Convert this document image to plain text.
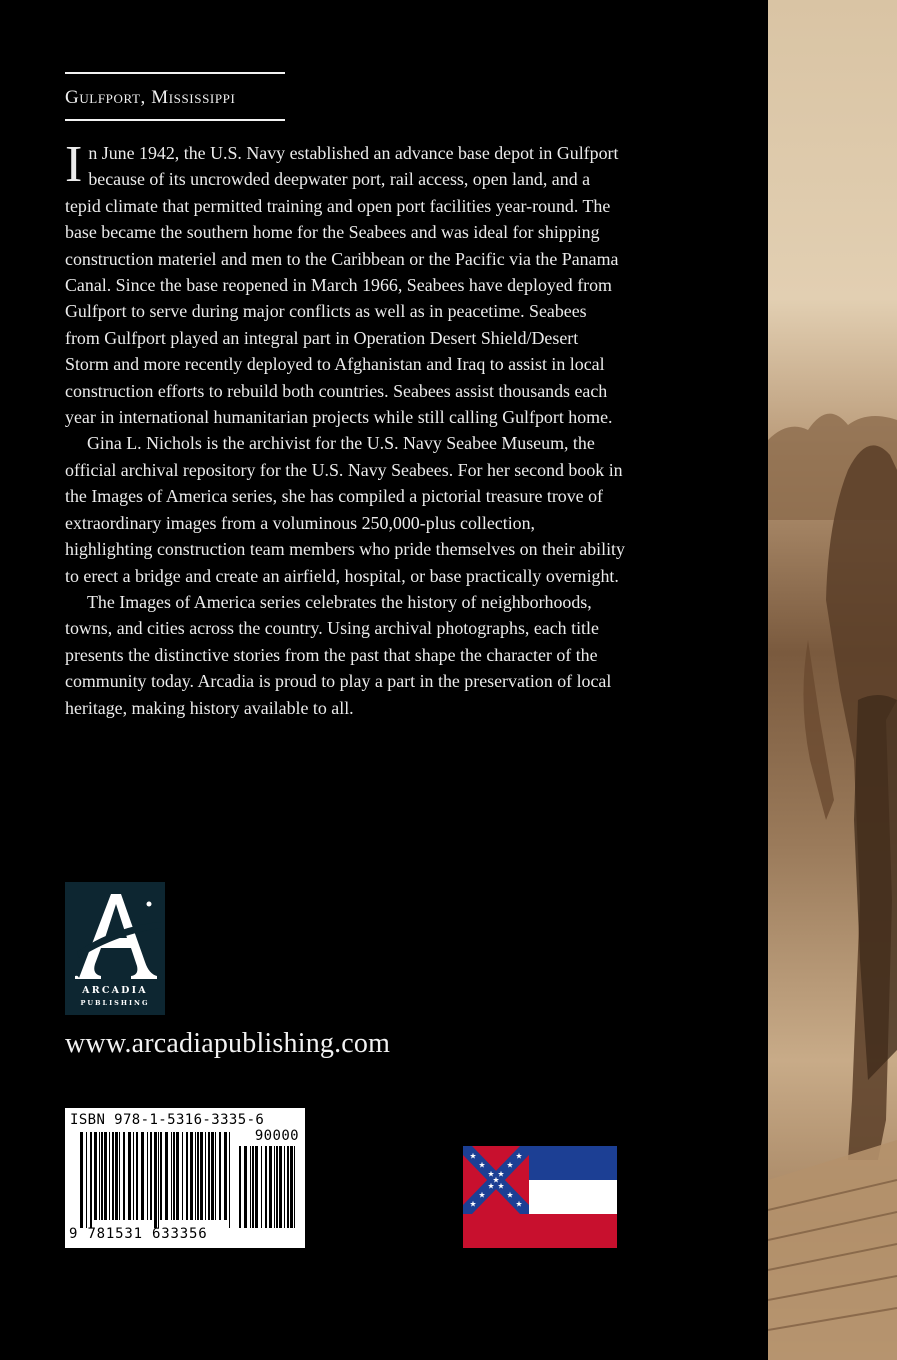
Gulfport, Mississippi

In June 1942, the U.S. Navy established an advance base depot in Gulfport because of its uncrowded deepwater port, rail access, open land, and a tepid climate that permitted training and open port facilities year-round. The base became the southern home for the Seabees and was ideal for shipping construction materiel and men to the Caribbean or the Pacific via the Panama Canal. Since the base reopened in March 1966, Seabees have deployed from Gulfport to serve during major conflicts as well as in peacetime. Seabees from Gulfport played an integral part in Operation Desert Shield/Desert Storm and more recently deployed to Afghanistan and Iraq to assist in local construction efforts to rebuild both countries. Seabees assist thousands each year in international humanitarian projects while still calling Gulfport home.

Gina L. Nichols is the archivist for the U.S. Navy Seabee Museum, the official archival repository for the U.S. Navy Seabees. For her second book in the Images of America series, she has compiled a pictorial treasure trove of extraordinary images from a voluminous 250,000-plus collection, highlighting construction team members who pride themselves on their ability to erect a bridge and create an airfield, hospital, or base practically overnight.

The Images of America series celebrates the history of neighborhoods, towns, and cities across the country. Using archival photographs, each title presents the distinctive stories from the past that shape the character of the community today. Arcadia is proud to play a part in the preservation of local heritage, making history available to all.

ARCADIA
PUBLISHING
www.arcadiapublishing.com
ISBN 978-1-5316-3335-6
90000
9 781531 633356
